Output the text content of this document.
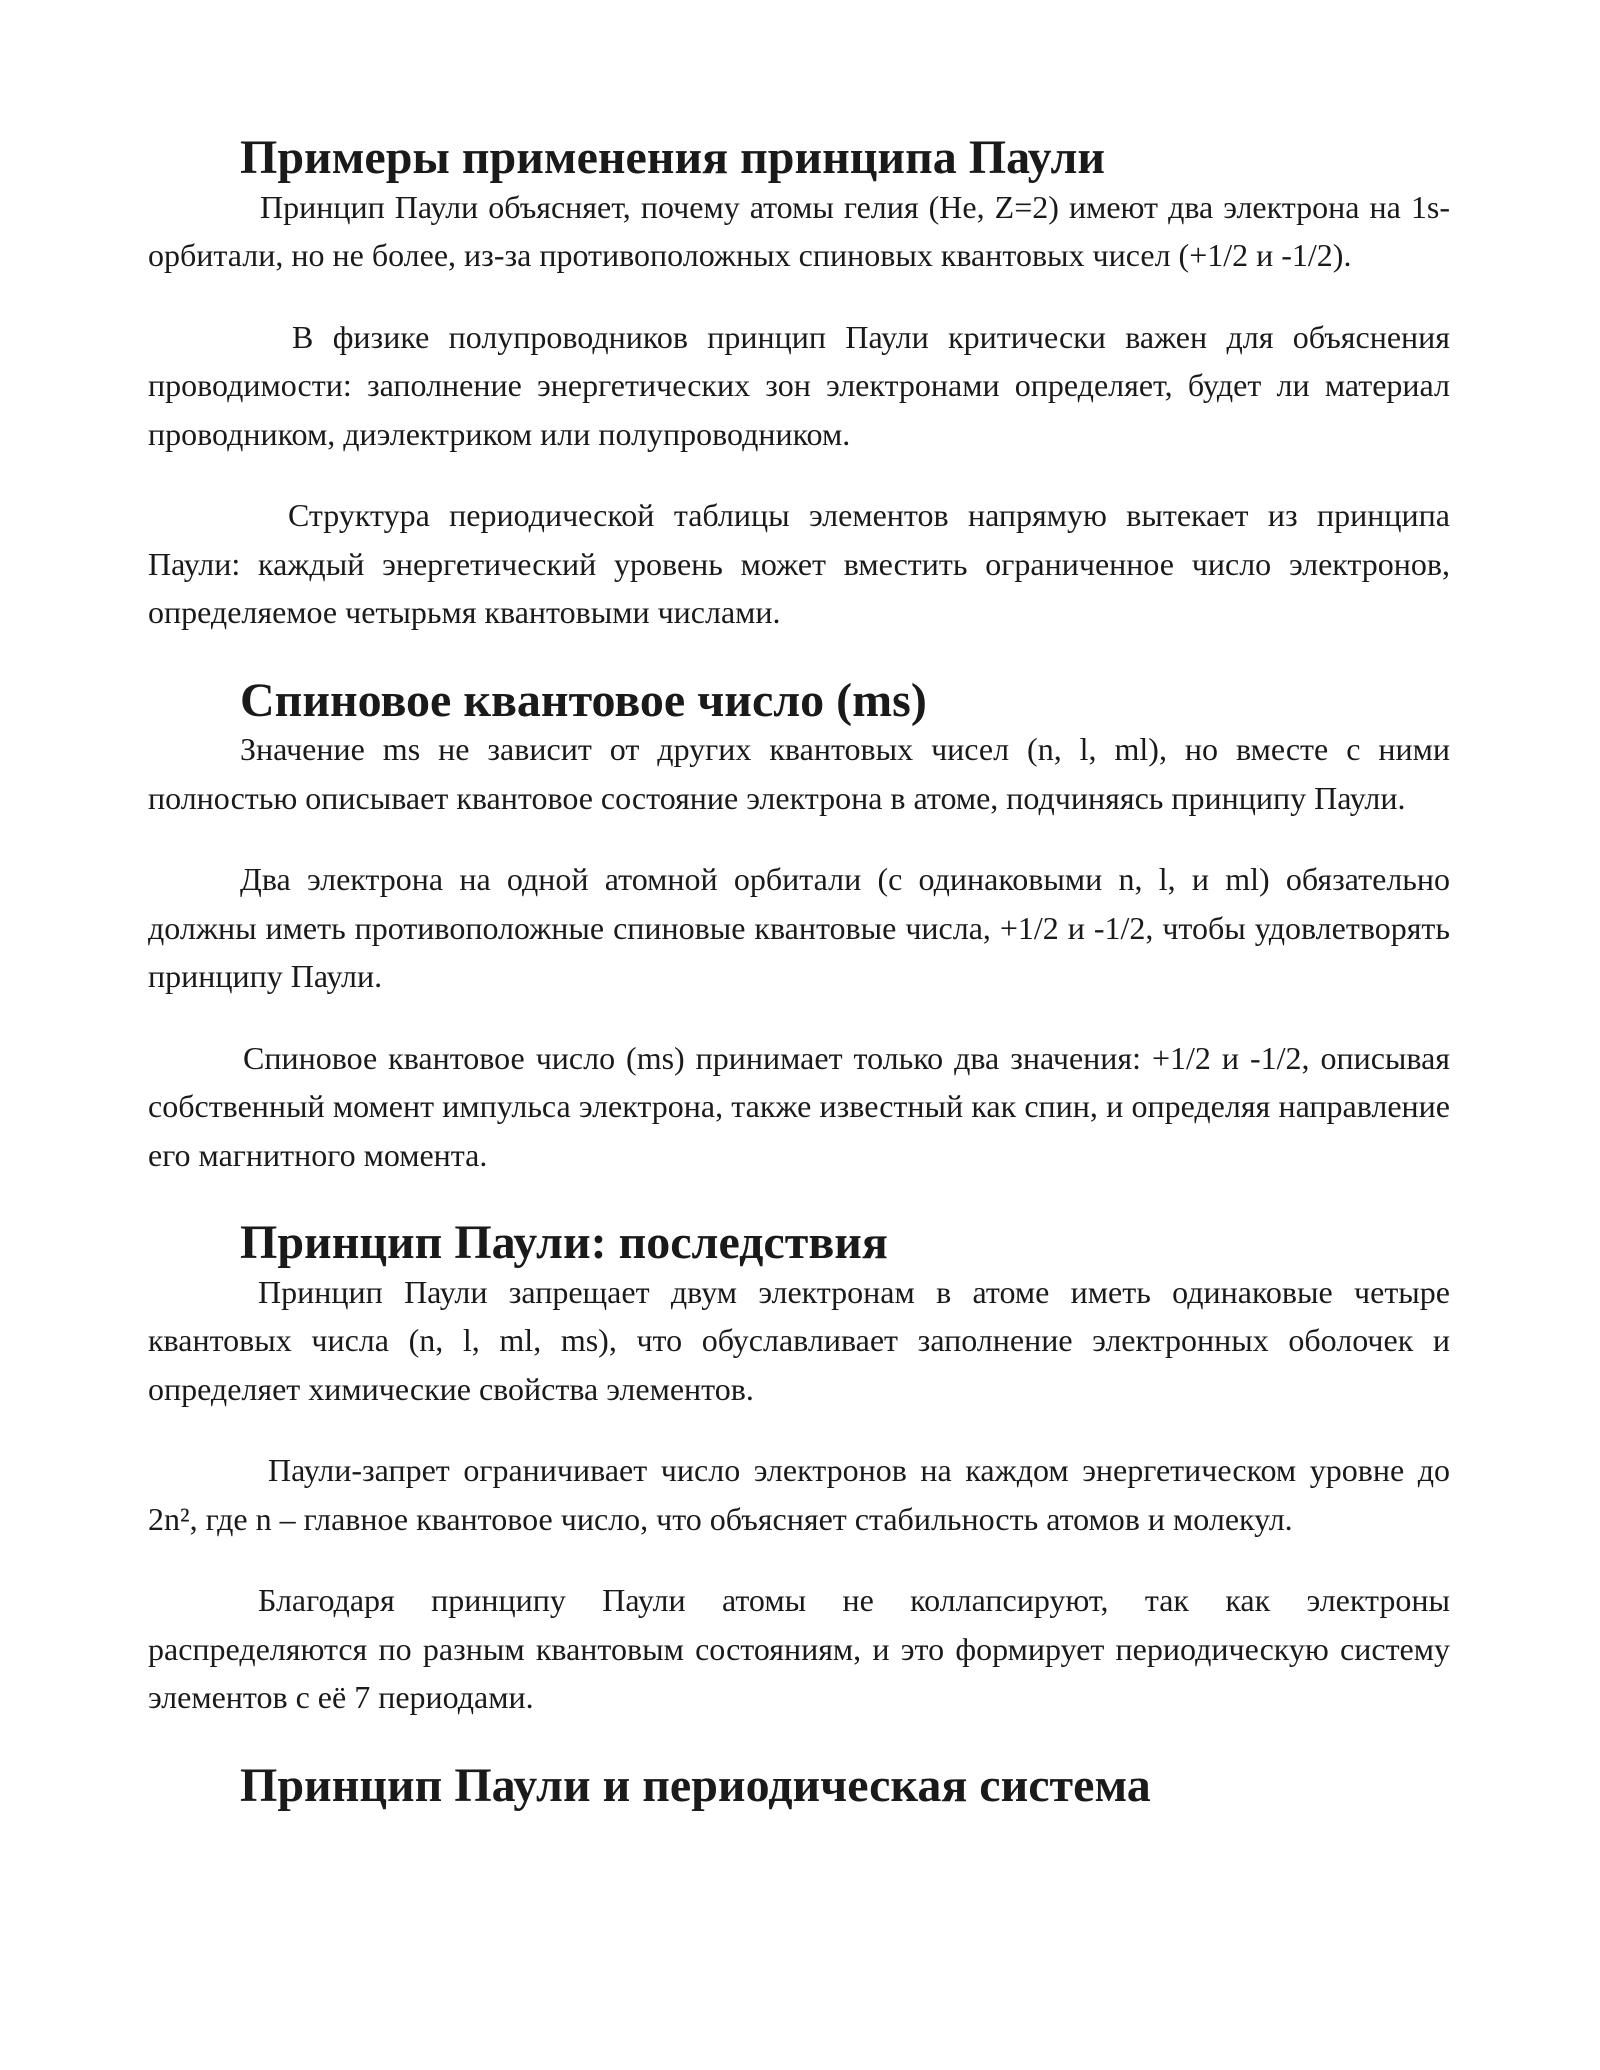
Примеры применения принципа Паули

Принцип Паули объясняет, почему атомы гелия (He, Z=2) имеют два электрона на 1s-орбитали, но не более, из-за противоположных спиновых квантовых чисел (+1/2 и -1/2).

В физике полупроводников принцип Паули критически важен для объяснения проводимости: заполнение энергетических зон электронами определяет, будет ли материал проводником, диэлектриком или полупроводником.

Структура периодической таблицы элементов напрямую вытекает из принципа Паули: каждый энергетический уровень может вместить ограниченное число электронов, определяемое четырьмя квантовыми числами.

Спиновое квантовое число (ms)

Значение ms не зависит от других квантовых чисел (n, l, ml), но вместе с ними полностью описывает квантовое состояние электрона в атоме, подчиняясь принципу Паули.

Два электрона на одной атомной орбитали (с одинаковыми n, l, и ml) обязательно должны иметь противоположные спиновые квантовые числа, +1/2 и -1/2, чтобы удовлетворять принципу Паули.

Спиновое квантовое число (ms) принимает только два значения: +1/2 и -1/2, описывая собственный момент импульса электрона, также известный как спин, и определяя направление его магнитного момента.

Принцип Паули: последствия

Принцип Паули запрещает двум электронам в атоме иметь одинаковые четыре квантовых числа (n, l, ml, ms), что обуславливает заполнение электронных оболочек и определяет химические свойства элементов.

Паули-запрет ограничивает число электронов на каждом энергетическом уровне до 2n², где n – главное квантовое число, что объясняет стабильность атомов и молекул.

Благодаря принципу Паули атомы не коллапсируют, так как электроны распределяются по разным квантовым состояниям, и это формирует периодическую систему элементов с её 7 периодами.

Принцип Паули и периодическая система
